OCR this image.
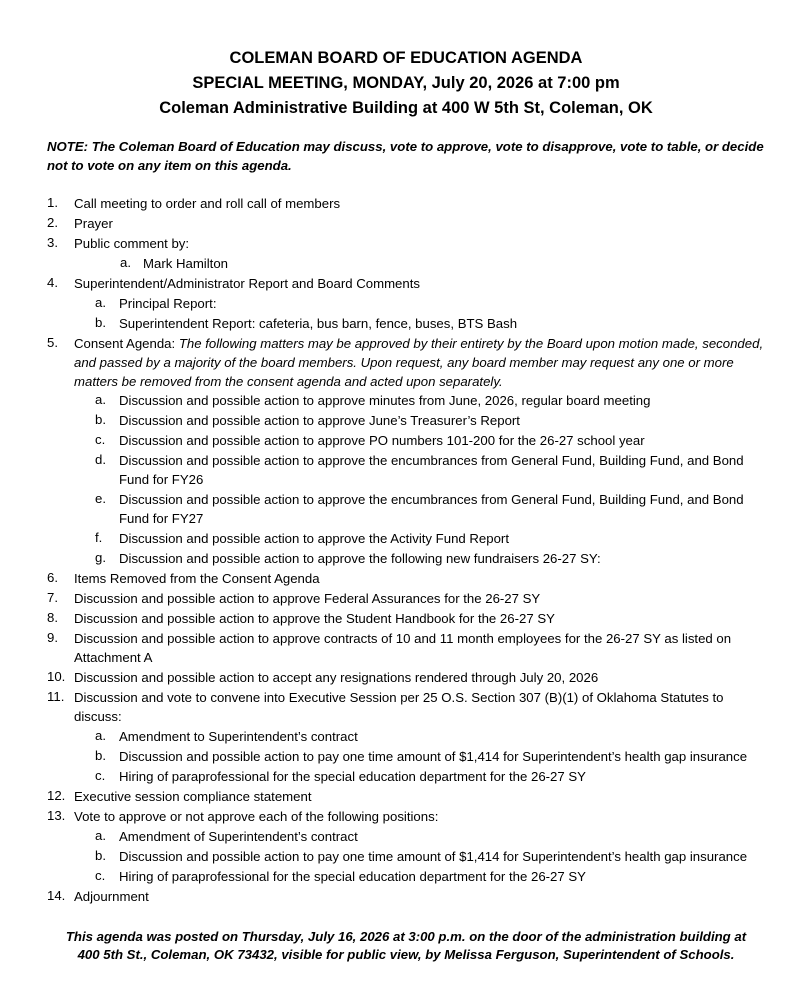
COLEMAN BOARD OF EDUCATION AGENDA
SPECIAL MEETING, MONDAY, July 20, 2026 at 7:00 pm
Coleman Administrative Building at 400 W 5th St, Coleman, OK
NOTE: The Coleman Board of Education may discuss, vote to approve, vote to disapprove, vote to table, or decide not to vote on any item on this agenda.
1.	Call meeting to order and roll call of members
2.	Prayer
3.	Public comment by:
a. Mark Hamilton
4.	Superintendent/Administrator Report and Board Comments
a. Principal Report:
b. Superintendent Report: cafeteria, bus barn, fence, buses, BTS Bash
5.	Consent Agenda: The following matters may be approved by their entirety by the Board upon motion made, seconded, and passed by a majority of the board members. Upon request, any board member may request any one or more matters be removed from the consent agenda and acted upon separately.
a. Discussion and possible action to approve minutes from June, 2026, regular board meeting
b. Discussion and possible action to approve June’s Treasurer’s Report
c.	Discussion and possible action to approve PO numbers 101-200 for the 26-27 school year
d. Discussion and possible action to approve the encumbrances from General Fund, Building Fund, and Bond Fund for FY26
e. Discussion and possible action to approve the encumbrances from General Fund, Building Fund, and Bond Fund for FY27
f.	Discussion and possible action to approve the Activity Fund Report
g. Discussion and possible action to approve the following new fundraisers 26-27 SY:
6.	Items Removed from the Consent Agenda
7.	Discussion and possible action to approve Federal Assurances for the 26-27 SY
8.	Discussion and possible action to approve the Student Handbook for the 26-27 SY
9.	Discussion and possible action to approve contracts of 10 and 11 month employees for the 26-27 SY as listed on Attachment A
10. Discussion and possible action to accept any resignations rendered through July 20, 2026
11. Discussion and vote to convene into Executive Session per 25 O.S. Section 307 (B)(1) of Oklahoma Statutes to discuss:
a. Amendment to Superintendent’s contract
b. Discussion and possible action to pay one time amount of $1,414 for Superintendent’s health gap insurance
c.	Hiring of paraprofessional for the special education department for the 26-27 SY
12. Executive session compliance statement
13. Vote to approve or not approve each of the following positions:
a. Amendment of Superintendent’s contract
b. Discussion and possible action to pay one time amount of $1,414 for Superintendent’s health gap insurance
c.	Hiring of paraprofessional for the special education department for the 26-27 SY
14. Adjournment
This agenda was posted on Thursday, July 16, 2026 at 3:00 p.m. on the door of the administration building at 400 5th St., Coleman, OK 73432, visible for public view, by Melissa Ferguson, Superintendent of Schools.
